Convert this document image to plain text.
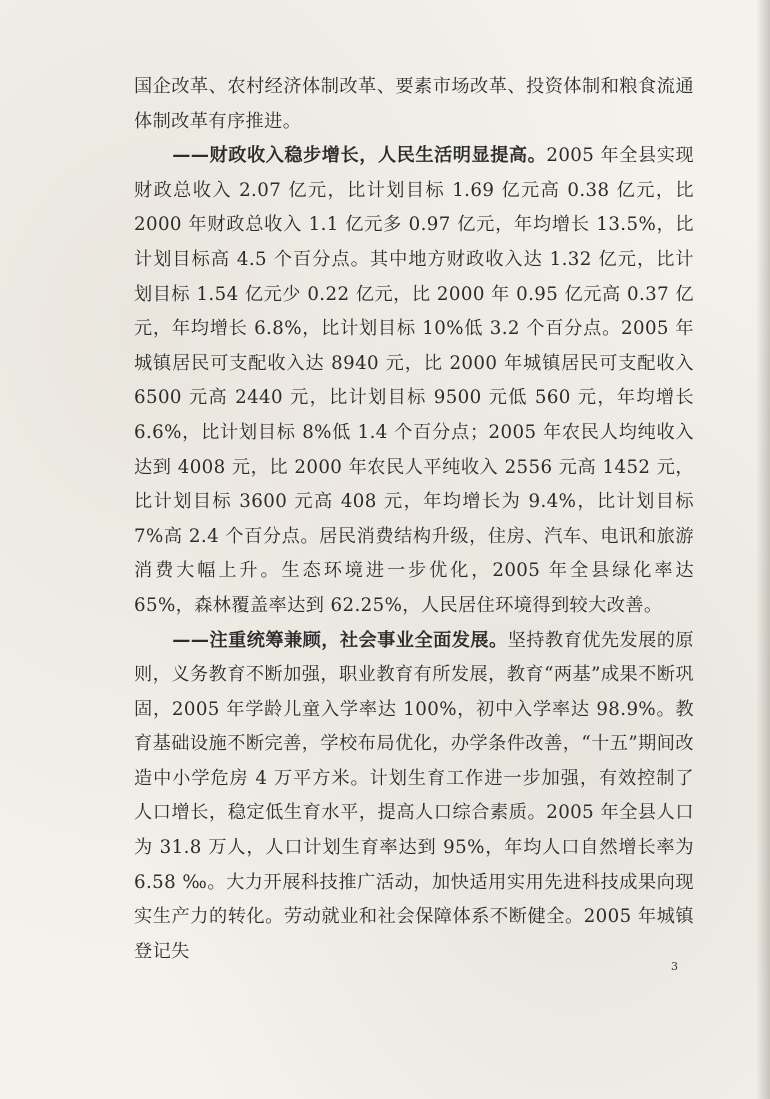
国企改革、农村经济体制改革、要素市场改革、投资体制和粮食流通体制改革有序推进。

——财政收入稳步增长，人民生活明显提高。2005 年全县实现财政总收入 2.07 亿元，比计划目标 1.69 亿元高 0.38 亿元，比 2000 年财政总收入 1.1 亿元多 0.97 亿元，年均增长 13.5%，比计划目标高 4.5 个百分点。其中地方财政收入达 1.32 亿元，比计划目标 1.54 亿元少 0.22 亿元，比 2000 年 0.95 亿元高 0.37 亿元，年均增长 6.8%，比计划目标 10%低 3.2 个百分点。2005 年城镇居民可支配收入达 8940 元，比 2000 年城镇居民可支配收入 6500 元高 2440 元，比计划目标 9500 元低 560 元，年均增长 6.6%，比计划目标 8%低 1.4 个百分点；2005 年农民人均纯收入达到 4008 元，比 2000 年农民人平纯收入 2556 元高 1452 元，比计划目标 3600 元高 408 元，年均增长为 9.4%，比计划目标 7%高 2.4 个百分点。居民消费结构升级，住房、汽车、电讯和旅游消费大幅上升。生态环境进一步优化，2005 年全县绿化率达 65%，森林覆盖率达到 62.25%，人民居住环境得到较大改善。

——注重统筹兼顾，社会事业全面发展。坚持教育优先发展的原则，义务教育不断加强，职业教育有所发展，教育“两基”成果不断巩固，2005 年学龄儿童入学率达 100%，初中入学率达 98.9%。教育基础设施不断完善，学校布局优化，办学条件改善，“十五”期间改造中小学危房 4 万平方米。计划生育工作进一步加强，有效控制了人口增长，稳定低生育水平，提高人口综合素质。2005 年全县人口为 31.8 万人，人口计划生育率达到 95%，年均人口自然增长率为 6.58 ‰。大力开展科技推广活动，加快适用实用先进科技成果向现实生产力的转化。劳动就业和社会保障体系不断健全。2005 年城镇登记失

3
